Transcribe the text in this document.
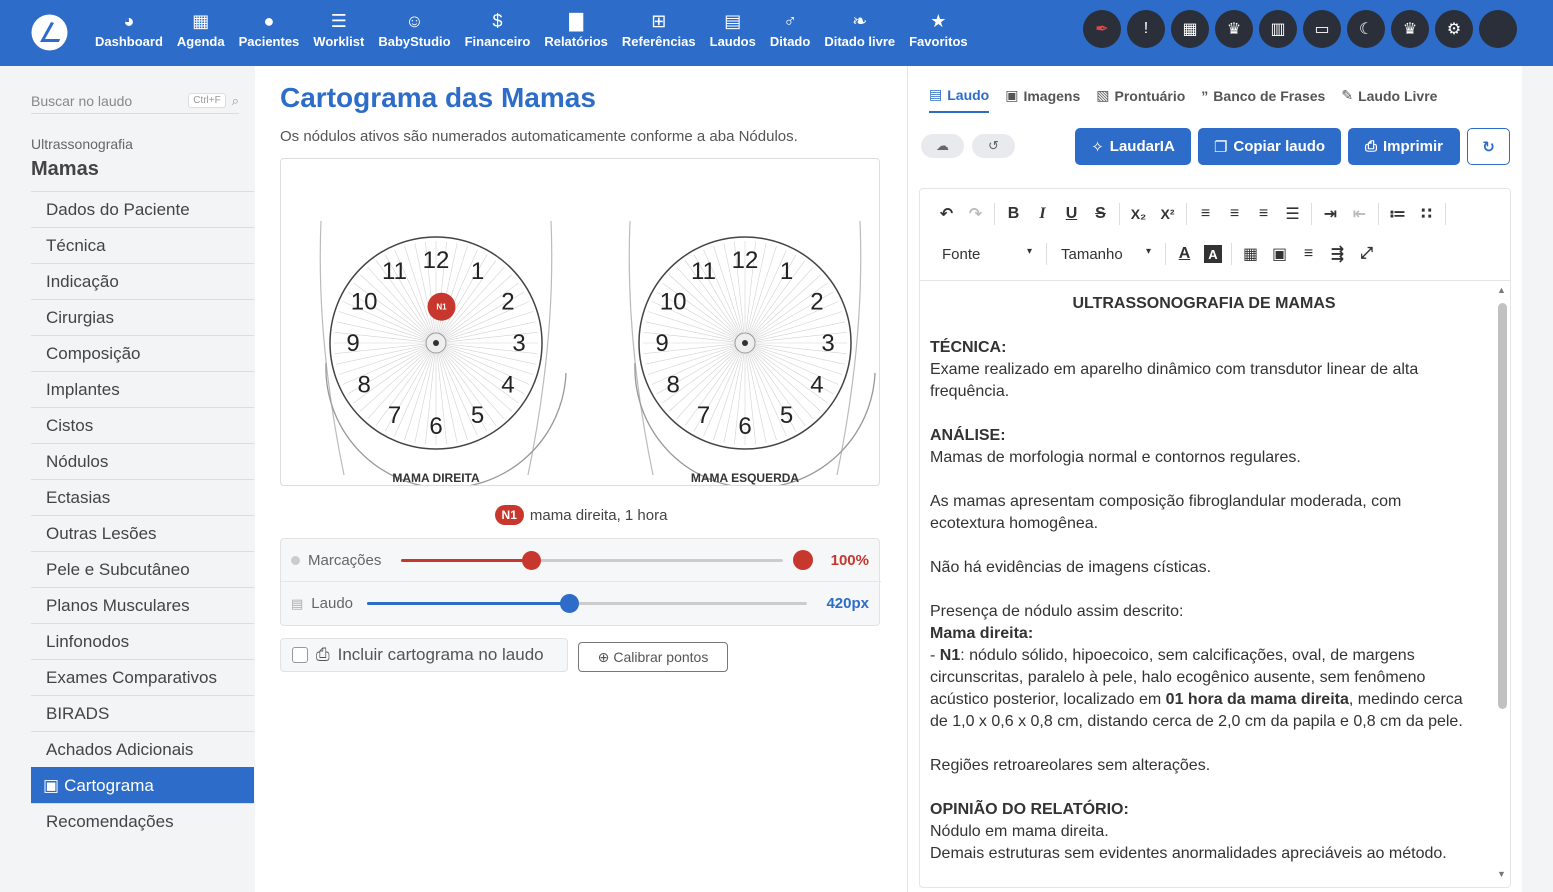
◕
Dashboard
▦
Agenda
●
Pacientes
☰
Worklist
☺
BabyStudio
$
Financeiro
▇
Relatórios
⊞
Referências
▤
Laudos
♂
Ditado
❧
Ditado livre
★
Favoritos
✒ ! ▦ ♛ ▥ ▭ ☾ ♛ ⚙
Buscar no laudo	Ctrl+F ⌕
Ultrassonografia
Mamas
Dados do Paciente
Técnica
Indicação
Cirurgias
Composição
Implantes
Cistos
Nódulos
Ectasias
Outras Lesões
Pele e Subcutâneo
Planos Musculares
Linfonodos
Exames Comparativos
BIRADS
Achados Adicionais
▣ Cartograma
Recomendações
Cartograma das Mamas
Os nódulos ativos são numerados automaticamente conforme a aba Nódulos.
12 1
2
3
4
5
6
7
8
9
10
11
MAMA DIREITA
12 1
2
3
4
5
6
7
8
9
10
11
MAMA ESQUERDA
N1
N1 mama direita, 1 hora
Marcações	100%
▤ Laudo	420px
⎙ Incluir cartograma no laudo	⊕ Calibrar pontos
▤ Laudo ▣ Imagens ▧ Prontuário ” Banco de Frases ✎ Laudo Livre
☁	↺	✧ LaudarIA	❐ Copiar laudo	⎙ Imprimir	↻
↶ ↷	B	I	U	S	X₂	X²	≡	≡	≡	☰	⇥ ⇤	≔ ∷
Fonte	▾ Tamanho ▾	A	A	▦ ▣	≡	⇶ ⤢
ULTRASSONOGRAFIA DE MAMAS

TÉCNICA:
Exame realizado em aparelho dinâmico com transdutor linear de alta frequência.

ANÁLISE:
Mamas de morfologia normal e contornos regulares.

As mamas apresentam composição fibroglandular moderada, com ecotextura homogênea.

Não há evidências de imagens císticas.

Presença de nódulo assim descrito:
Mama direita:
- N1: nódulo sólido, hipoecoico, sem calcificações, oval, de margens circunscritas, paralelo à pele, halo ecogênico ausente, sem fenômeno acústico posterior, localizado em 01 hora da mama direita, medindo cerca de 1,0 x 0,6 x 0,8 cm, distando cerca de 2,0 cm da papila e 0,8 cm da pele.

Regiões retroareolares sem alterações.

OPINIÃO DO RELATÓRIO:
Nódulo em mama direita.
Demais estruturas sem evidentes anormalidades apreciáveis ao método.

▲
▼
